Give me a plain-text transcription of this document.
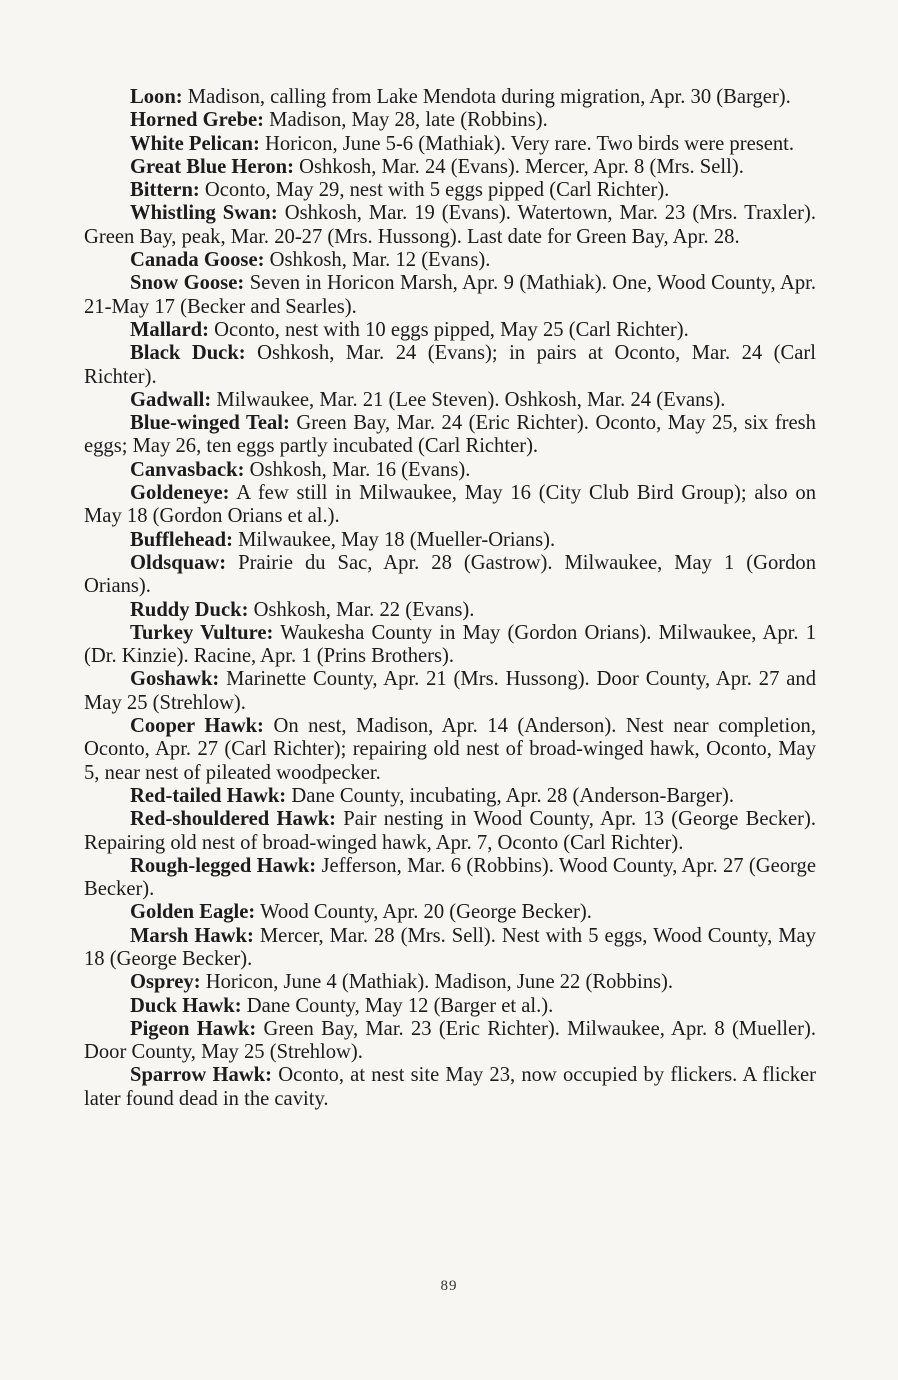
Loon: Madison, calling from Lake Mendota during migration, Apr. 30 (Barger).

Horned Grebe: Madison, May 28, late (Robbins).

White Pelican: Horicon, June 5-6 (Mathiak). Very rare. Two birds were present.

Great Blue Heron: Oshkosh, Mar. 24 (Evans). Mercer, Apr. 8 (Mrs. Sell).

Bittern: Oconto, May 29, nest with 5 eggs pipped (Carl Richter).

Whistling Swan: Oshkosh, Mar. 19 (Evans). Watertown, Mar. 23 (Mrs. Traxler). Green Bay, peak, Mar. 20-27 (Mrs. Hussong). Last date for Green Bay, Apr. 28.

Canada Goose: Oshkosh, Mar. 12 (Evans).

Snow Goose: Seven in Horicon Marsh, Apr. 9 (Mathiak). One, Wood County, Apr. 21-May 17 (Becker and Searles).

Mallard: Oconto, nest with 10 eggs pipped, May 25 (Carl Richter).

Black Duck: Oshkosh, Mar. 24 (Evans); in pairs at Oconto, Mar. 24 (Carl Richter).

Gadwall: Milwaukee, Mar. 21 (Lee Steven). Oshkosh, Mar. 24 (Evans).

Blue-winged Teal: Green Bay, Mar. 24 (Eric Richter). Oconto, May 25, six fresh eggs; May 26, ten eggs partly incubated (Carl Richter).

Canvasback: Oshkosh, Mar. 16 (Evans).

Goldeneye: A few still in Milwaukee, May 16 (City Club Bird Group); also on May 18 (Gordon Orians et al.).

Bufflehead: Milwaukee, May 18 (Mueller-Orians).

Oldsquaw: Prairie du Sac, Apr. 28 (Gastrow). Milwaukee, May 1 (Gordon Orians).

Ruddy Duck: Oshkosh, Mar. 22 (Evans).

Turkey Vulture: Waukesha County in May (Gordon Orians). Milwaukee, Apr. 1 (Dr. Kinzie). Racine, Apr. 1 (Prins Brothers).

Goshawk: Marinette County, Apr. 21 (Mrs. Hussong). Door County, Apr. 27 and May 25 (Strehlow).

Cooper Hawk: On nest, Madison, Apr. 14 (Anderson). Nest near completion, Oconto, Apr. 27 (Carl Richter); repairing old nest of broad-winged hawk, Oconto, May 5, near nest of pileated woodpecker.

Red-tailed Hawk: Dane County, incubating, Apr. 28 (Anderson-Barger).

Red-shouldered Hawk: Pair nesting in Wood County, Apr. 13 (George Becker). Repairing old nest of broad-winged hawk, Apr. 7, Oconto (Carl Richter).

Rough-legged Hawk: Jefferson, Mar. 6 (Robbins). Wood County, Apr. 27 (George Becker).

Golden Eagle: Wood County, Apr. 20 (George Becker).

Marsh Hawk: Mercer, Mar. 28 (Mrs. Sell). Nest with 5 eggs, Wood County, May 18 (George Becker).

Osprey: Horicon, June 4 (Mathiak). Madison, June 22 (Robbins).

Duck Hawk: Dane County, May 12 (Barger et al.).

Pigeon Hawk: Green Bay, Mar. 23 (Eric Richter). Milwaukee, Apr. 8 (Mueller). Door County, May 25 (Strehlow).

Sparrow Hawk: Oconto, at nest site May 23, now occupied by flickers. A flicker later found dead in the cavity.

89
